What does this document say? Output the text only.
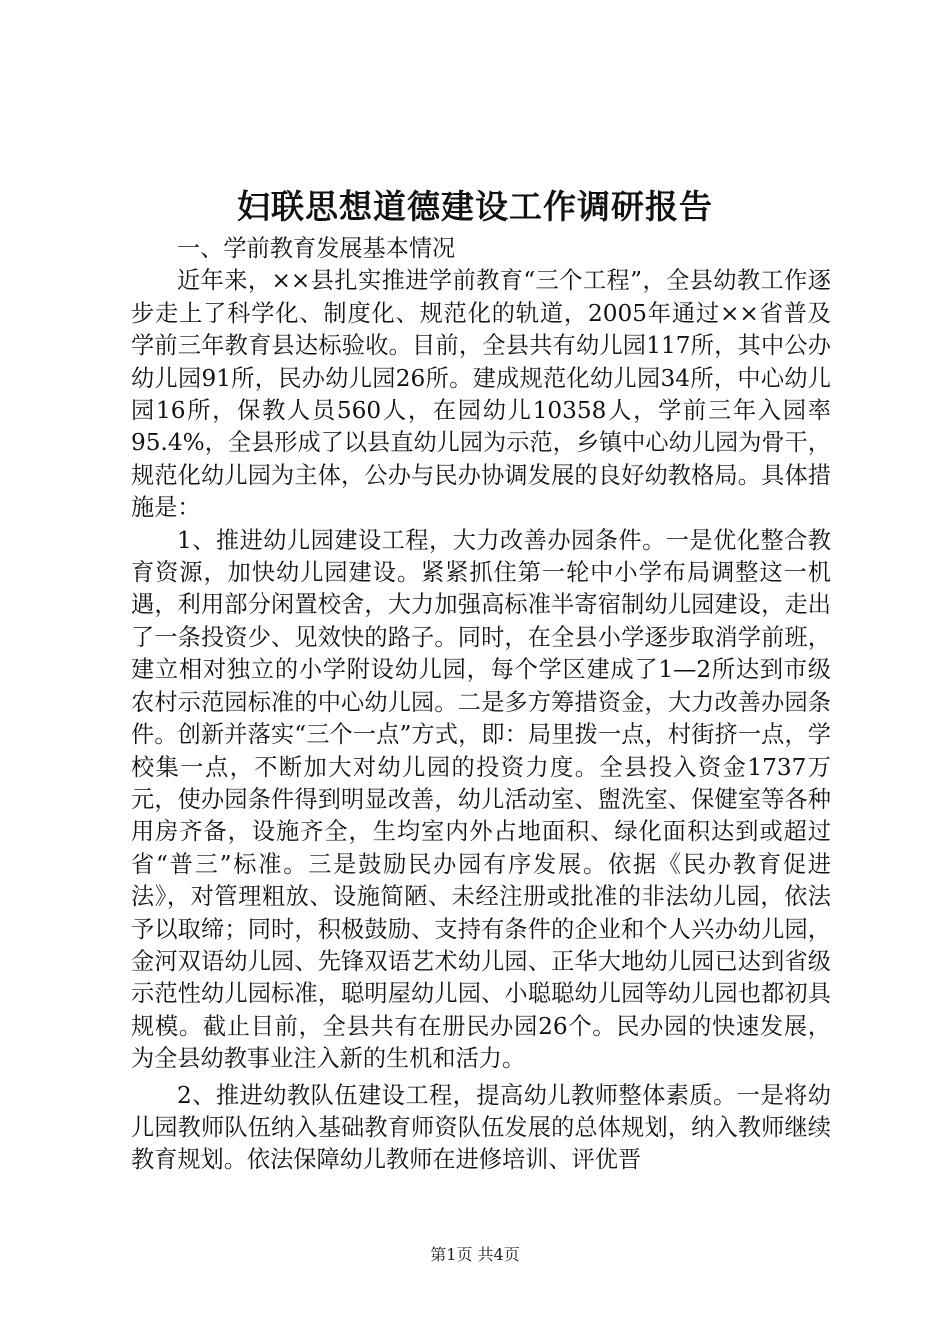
妇联思想道德建设工作调研报告

一、学前教育发展基本情况

近年来，××县扎实推进学前教育“三个工程”，全县幼教工作逐步走上了科学化、制度化、规范化的轨道，2005年通过××省普及学前三年教育县达标验收。目前，全县共有幼儿园117所，其中公办幼儿园91所，民办幼儿园26所。建成规范化幼儿园34所，中心幼儿园16所，保教人员560人，在园幼儿10358人，学前三年入园率95.4%，全县形成了以县直幼儿园为示范，乡镇中心幼儿园为骨干，规范化幼儿园为主体，公办与民办协调发展的良好幼教格局。具体措施是：

1、推进幼儿园建设工程，大力改善办园条件。一是优化整合教育资源，加快幼儿园建设。紧紧抓住第一轮中小学布局调整这一机遇，利用部分闲置校舍，大力加强高标准半寄宿制幼儿园建设，走出了一条投资少、见效快的路子。同时，在全县小学逐步取消学前班，建立相对独立的小学附设幼儿园，每个学区建成了1—2所达到市级农村示范园标准的中心幼儿园。二是多方筹措资金，大力改善办园条件。创新并落实“三个一点”方式，即：局里拨一点，村街挤一点，学校集一点，不断加大对幼儿园的投资力度。全县投入资金1737万元，使办园条件得到明显改善，幼儿活动室、盥洗室、保健室等各种用房齐备，设施齐全，生均室内外占地面积、绿化面积达到或超过省“普三”标准。三是鼓励民办园有序发展。依据《民办教育促进法》，对管理粗放、设施简陋、未经注册或批准的非法幼儿园，依法予以取缔；同时，积极鼓励、支持有条件的企业和个人兴办幼儿园，金河双语幼儿园、先锋双语艺术幼儿园、正华大地幼儿园已达到省级示范性幼儿园标准，聪明屋幼儿园、小聪聪幼儿园等幼儿园也都初具规模。截止目前，全县共有在册民办园26个。民办园的快速发展，为全县幼教事业注入新的生机和活力。

2、推进幼教队伍建设工程，提高幼儿教师整体素质。一是将幼儿园教师队伍纳入基础教育师资队伍发展的总体规划，纳入教师继续教育规划。依法保障幼儿教师在进修培训、评优晋

第1页 共4页
